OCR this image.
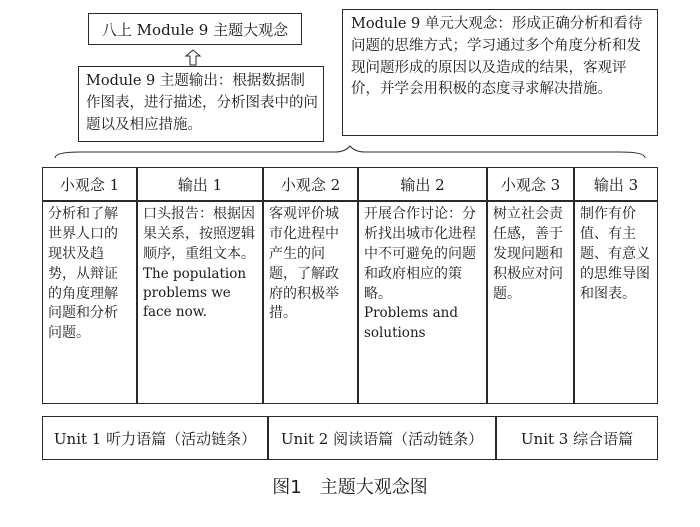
八上 Module 9 主题大观念
Module 9 主题输出：根据数据制作图表，进行描述，分析图表中的问题以及相应措施。
Module 9 单元大观念：形成正确分析和看待问题的思维方式；学习通过多个角度分析和发现问题形成的原因以及造成的结果，客观评价，并学会用积极的态度寻求解决措施。
小观念 1
分析和了解世界人口的现状及趋势，从辩证的角度理解问题和分析问题。
输出 1
口头报告：根据因果关系，按照逻辑顺序，重组文本。
The population problems we face now.
小观念 2
客观评价城市化进程中产生的问题，了解政府的积极举措。
输出 2
开展合作讨论：分析找出城市化进程中不可避免的问题和政府相应的策略。
Problems and solutions
小观念 3
树立社会责任感，善于发现问题和积极应对问题。
输出 3
制作有价值、有主题、有意义的思维导图和图表。
Unit 1 听力语篇（活动链条） Unit 2 阅读语篇（活动链条）	Unit 3 综合语篇
图1　主题大观念图
